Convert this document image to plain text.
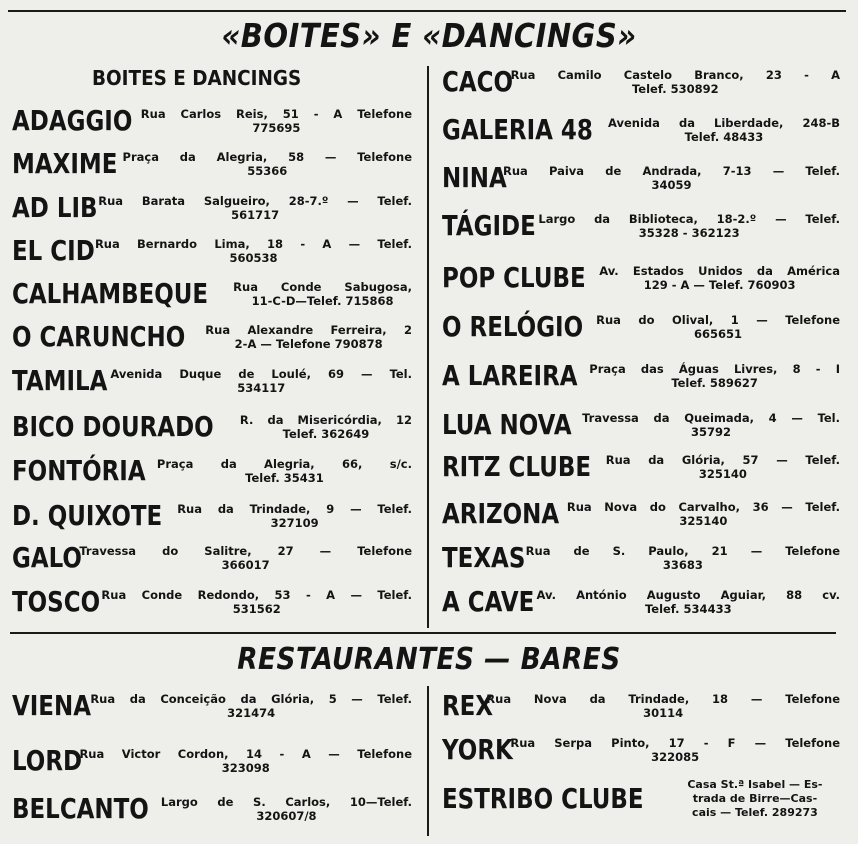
«BOITES» E «DANCINGS»
BOITES E DANCINGS
ADAGGIO Rua Carlos Reis, 51 - A Telefone
775695
MAXIME Praça da Alegria, 58 — Telefone
55366
AD LIB Rua Barata Salgueiro, 28-7.º — Telef.
561717
EL CID Rua Bernardo Lima, 18 - A — Telef.
560538
CALHAMBEQUE Rua Conde Sabugosa,
11-C-D—Telef. 715868
O CARUNCHO Rua Alexandre Ferreira, 2
2-A — Telefone 790878
TAMILA Avenida Duque de Loulé, 69 — Tel.
534117
BICO DOURADO R. da Misericórdia, 12
Telef. 362649
FONTÓRIA Praça da Alegria, 66, s/c.
Telef. 35431
D. QUIXOTE Rua da Trindade, 9 — Telef.
327109
GALO
Travessa do Salitre, 27 — Telefone
366017
TOSCO Rua Conde Redondo, 53 - A — Telef.
531562
CACO
Rua Camilo Castelo Branco, 23 - A
Telef. 530892
GALERIA 48 Avenida da Liberdade, 248-B
Telef. 48433
NINA
Rua Paiva de Andrada, 7-13 — Telef.
34059
TÁGIDE Largo da Biblioteca, 18-2.º — Telef.
35328 - 362123
POP CLUBE Av. Estados Unidos da América
129 - A — Telef. 760903
O RELÓGIO Rua do Olival, 1 — Telefone
665651
A LAREIRA Praça das Águas Livres, 8 - I
Telef. 589627
LUA NOVA Travessa da Queimada, 4 — Tel.
35792
RITZ CLUBE Rua da Glória, 57 — Telef.
325140
ARIZONA Rua Nova do Carvalho, 36 — Telef.
325140
TEXAS Rua de S. Paulo, 21 — Telefone
33683
A CAVE Av. António Augusto Aguiar, 88 cv.
Telef. 534433
RESTAURANTES — BARES
VIENA Rua da Conceição da Glória, 5 — Telef.
321474
LORD
Rua Victor Cordon, 14 - A — Telefone
323098
BELCANTO Largo de S. Carlos, 10—Telef.
320607/8
REX
Rua Nova da Trindade, 18 — Telefone
30114
YORK
Rua Serpa Pinto, 17 - F — Telefone
322085
ESTRIBO CLUBE	Casa St.ª Isabel — Es-
trada de Birre—Cas-
cais — Telef. 289273
